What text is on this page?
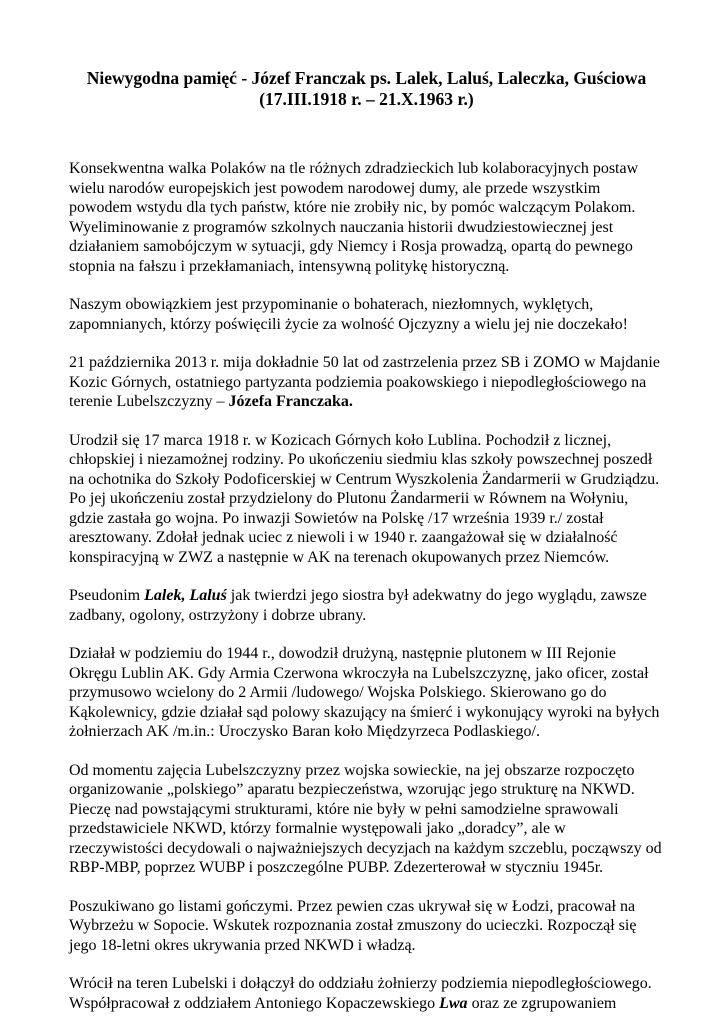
Niewygodna pamięć - Józef Franczak ps. Lalek, Laluś, Laleczka, Guściowa
(17.III.1918 r. – 21.X.1963 r.)

Konsekwentna walka Polaków na tle różnych zdradzieckich lub kolaboracyjnych postaw
wielu narodów europejskich jest powodem narodowej dumy, ale przede wszystkim
powodem wstydu dla tych państw, które nie zrobiły nic, by pomóc walczącym Polakom.
Wyeliminowanie z programów szkolnych nauczania historii dwudziestowiecznej jest
działaniem samobójczym w sytuacji, gdy Niemcy i Rosja prowadzą, opartą do pewnego
stopnia na fałszu i przekłamaniach, intensywną politykę historyczną.

Naszym obowiązkiem jest przypominanie o bohaterach, niezłomnych, wyklętych,
zapomnianych, którzy poświęcili życie za wolność Ojczyzny a wielu jej nie doczekało!

21 października 2013 r. mija dokładnie 50 lat od zastrzelenia przez SB i ZOMO w Majdanie
Kozic Górnych, ostatniego partyzanta podziemia poakowskiego i niepodległościowego na
terenie Lubelszczyzny – Józefa Franczaka.

Urodził się 17 marca 1918 r. w Kozicach Górnych koło Lublina. Pochodził z licznej,
chłopskiej i niezamożnej rodziny. Po ukończeniu siedmiu klas szkoły powszechnej poszedł
na ochotnika do Szkoły Podoficerskiej w Centrum Wyszkolenia Żandarmerii w Grudziądzu.
Po jej ukończeniu został przydzielony do Plutonu Żandarmerii w Równem na Wołyniu,
gdzie zastała go wojna. Po inwazji Sowietów na Polskę /17 września 1939 r./ został
aresztowany. Zdołał jednak uciec z niewoli i w 1940 r. zaangażował się w działalność
konspiracyjną w ZWZ a następnie w AK na terenach okupowanych przez Niemców.

Pseudonim Lalek, Laluś jak twierdzi jego siostra był adekwatny do jego wyglądu, zawsze
zadbany, ogolony, ostrzyżony i dobrze ubrany.

Działał w podziemiu do 1944 r., dowodził drużyną, następnie plutonem w III Rejonie
Okręgu Lublin AK. Gdy Armia Czerwona wkroczyła na Lubelszczyznę, jako oficer, został
przymusowo wcielony do 2 Armii /ludowego/ Wojska Polskiego. Skierowano go do
Kąkolewnicy, gdzie działał sąd polowy skazujący na śmierć i wykonujący wyroki na byłych
żołnierzach AK /m.in.: Uroczysko Baran koło Międzyrzeca Podlaskiego/.

Od momentu zajęcia Lubelszczyzny przez wojska sowieckie, na jej obszarze rozpoczęto
organizowanie „polskiego” aparatu bezpieczeństwa, wzorując jego strukturę na NKWD.
Pieczę nad powstającymi strukturami, które nie były w pełni samodzielne sprawowali
przedstawiciele NKWD, którzy formalnie występowali jako „doradcy”, ale w
rzeczywistości decydowali o najważniejszych decyzjach na każdym szczeblu, począwszy od
RBP-MBP, poprzez WUBP i poszczególne PUBP. Zdezerterował w styczniu 1945r.

Poszukiwano go listami gończymi. Przez pewien czas ukrywał się w Łodzi, pracował na
Wybrzeżu w Sopocie. Wskutek rozpoznania został zmuszony do ucieczki. Rozpoczął się
jego 18-letni okres ukrywania przed NKWD i władzą.

Wrócił na teren Lubelski i dołączył do oddziału żołnierzy podziemia niepodległościowego.
Współpracował z oddziałem Antoniego Kopaczewskiego Lwa oraz ze zgrupowaniem
